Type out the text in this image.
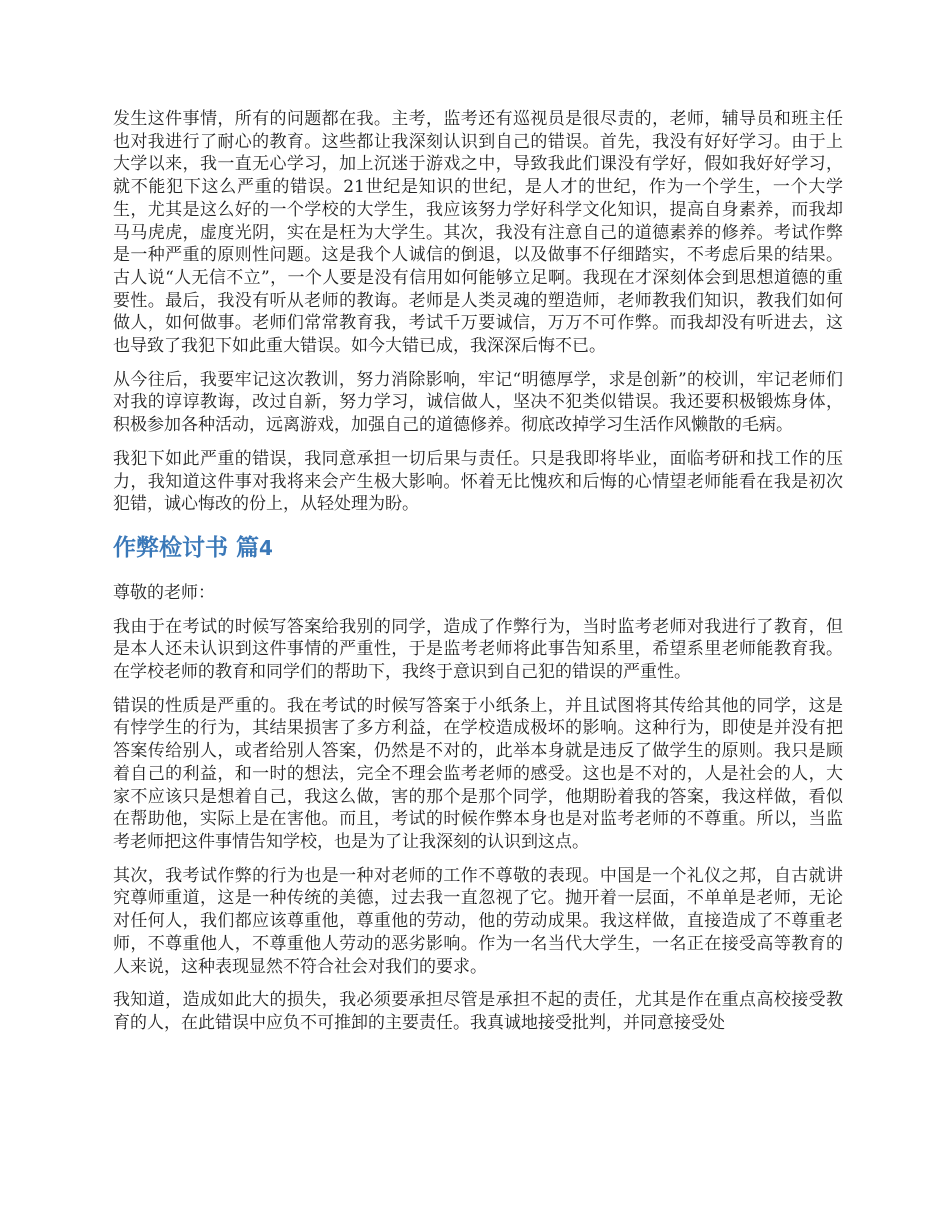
发生这件事情，所有的问题都在我。主考，监考还有巡视员是很尽责的，老师，辅导员和班主任也对我进行了耐心的教育。这些都让我深刻认识到自己的错误。首先，我没有好好学习。由于上大学以来，我一直无心学习，加上沉迷于游戏之中，导致我此们课没有学好，假如我好好学习，就不能犯下这么严重的错误。21世纪是知识的世纪，是人才的世纪，作为一个学生，一个大学生，尤其是这么好的一个学校的大学生，我应该努力学好科学文化知识，提高自身素养，而我却马马虎虎，虚度光阴，实在是枉为大学生。其次，我没有注意自己的道德素养的修养。考试作弊是一种严重的原则性问题。这是我个人诚信的倒退，以及做事不仔细踏实，不考虑后果的结果。古人说“人无信不立”，一个人要是没有信用如何能够立足啊。我现在才深刻体会到思想道德的重要性。最后，我没有听从老师的教诲。老师是人类灵魂的塑造师，老师教我们知识，教我们如何做人，如何做事。老师们常常教育我，考试千万要诚信，万万不可作弊。而我却没有听进去，这也导致了我犯下如此重大错误。如今大错已成，我深深后悔不已。

从今往后，我要牢记这次教训，努力消除影响，牢记“明德厚学，求是创新”的校训，牢记老师们对我的谆谆教诲，改过自新，努力学习，诚信做人，坚决不犯类似错误。我还要积极锻炼身体，积极参加各种活动，远离游戏，加强自己的道德修养。彻底改掉学习生活作风懒散的毛病。

我犯下如此严重的错误，我同意承担一切后果与责任。只是我即将毕业，面临考研和找工作的压力，我知道这件事对我将来会产生极大影响。怀着无比愧疚和后悔的心情望老师能看在我是初次犯错，诚心悔改的份上，从轻处理为盼。

作弊检讨书 篇4

尊敬的老师：

我由于在考试的时候写答案给我别的同学，造成了作弊行为，当时监考老师对我进行了教育，但是本人还未认识到这件事情的严重性，于是监考老师将此事告知系里，希望系里老师能教育我。在学校老师的教育和同学们的帮助下，我终于意识到自己犯的错误的严重性。

错误的性质是严重的。我在考试的时候写答案于小纸条上，并且试图将其传给其他的同学，这是有悖学生的行为，其结果损害了多方利益，在学校造成极坏的影响。这种行为，即使是并没有把答案传给别人，或者给别人答案，仍然是不对的，此举本身就是违反了做学生的原则。我只是顾着自己的利益，和一时的想法，完全不理会监考老师的感受。这也是不对的，人是社会的人，大家不应该只是想着自己，我这么做，害的那个是那个同学，他期盼着我的答案，我这样做，看似在帮助他，实际上是在害他。而且，考试的时候作弊本身也是对监考老师的不尊重。所以，当监考老师把这件事情告知学校，也是为了让我深刻的认识到这点。

其次，我考试作弊的行为也是一种对老师的工作不尊敬的表现。中国是一个礼仪之邦，自古就讲究尊师重道，这是一种传统的美德，过去我一直忽视了它。抛开着一层面，不单单是老师，无论对任何人，我们都应该尊重他，尊重他的劳动，他的劳动成果。我这样做，直接造成了不尊重老师，不尊重他人，不尊重他人劳动的恶劣影响。作为一名当代大学生，一名正在接受高等教育的人来说，这种表现显然不符合社会对我们的要求。

我知道，造成如此大的损失，我必须要承担尽管是承担不起的责任，尤其是作在重点高校接受教育的人，在此错误中应负不可推卸的主要责任。我真诚地接受批判，并同意接受处
